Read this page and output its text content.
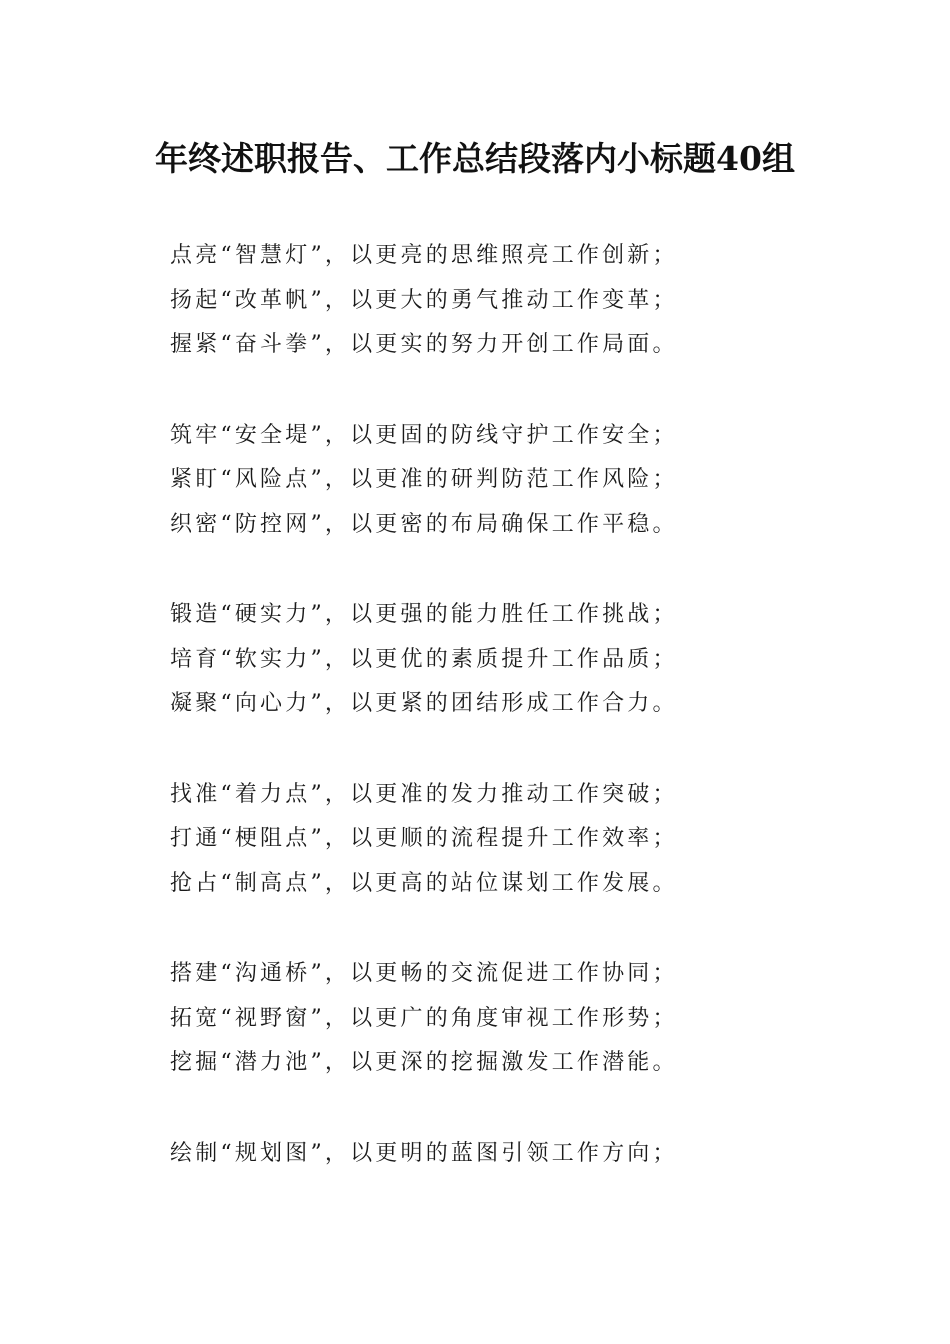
年终述职报告、工作总结段落内小标题40组
点亮“智慧灯”，以更亮的思维照亮工作创新；
扬起“改革帆”，以更大的勇气推动工作变革；
握紧“奋斗拳”，以更实的努力开创工作局面。
筑牢“安全堤”，以更固的防线守护工作安全；
紧盯“风险点”，以更准的研判防范工作风险；
织密“防控网”，以更密的布局确保工作平稳。
锻造“硬实力”，以更强的能力胜任工作挑战；
培育“软实力”，以更优的素质提升工作品质；
凝聚“向心力”，以更紧的团结形成工作合力。
找准“着力点”，以更准的发力推动工作突破；
打通“梗阻点”，以更顺的流程提升工作效率；
抢占“制高点”，以更高的站位谋划工作发展。
搭建“沟通桥”，以更畅的交流促进工作协同；
拓宽“视野窗”，以更广的角度审视工作形势；
挖掘“潜力池”，以更深的挖掘激发工作潜能。
绘制“规划图”，以更明的蓝图引领工作方向；
